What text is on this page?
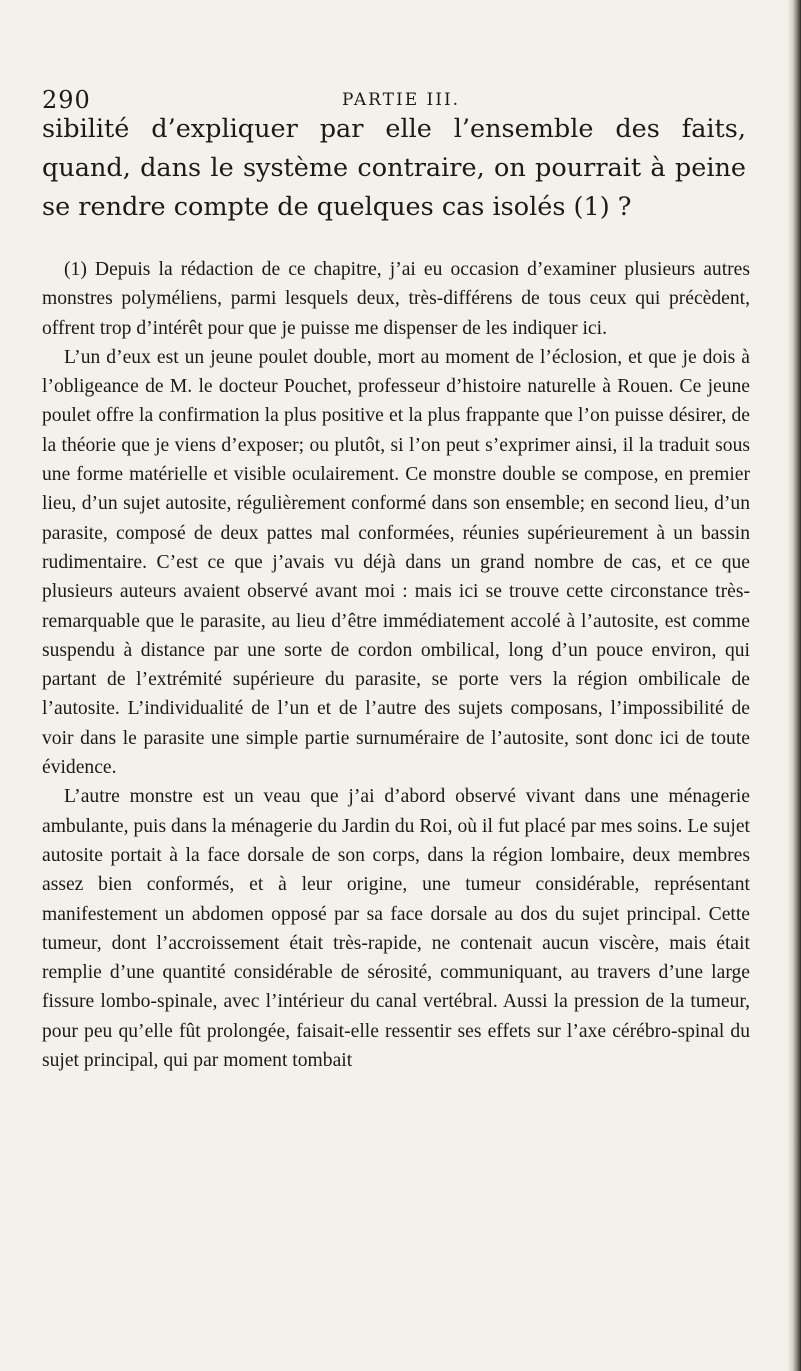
290	PARTIE III.

sibilité d’expliquer par elle l’ensemble des faits, quand, dans le système contraire, on pourrait à peine se rendre compte de quelques cas isolés (1) ?

(1) Depuis la rédaction de ce chapitre, j’ai eu occasion d’examiner plusieurs autres monstres polyméliens, parmi lesquels deux, très-différens de tous ceux qui précèdent, offrent trop d’intérêt pour que je puisse me dispenser de les indiquer ici.

L’un d’eux est un jeune poulet double, mort au moment de l’éclosion, et que je dois à l’obligeance de M. le docteur Pouchet, professeur d’histoire naturelle à Rouen. Ce jeune poulet offre la confirmation la plus positive et la plus frappante que l’on puisse désirer, de la théorie que je viens d’exposer; ou plutôt, si l’on peut s’exprimer ainsi, il la traduit sous une forme matérielle et visible oculairement. Ce monstre double se compose, en premier lieu, d’un sujet autosite, régulièrement conformé dans son ensemble; en second lieu, d’un parasite, composé de deux pattes mal conformées, réunies supérieurement à un bassin rudimentaire. C’est ce que j’avais vu déjà dans un grand nombre de cas, et ce que plusieurs auteurs avaient observé avant moi : mais ici se trouve cette circonstance très-remarquable que le parasite, au lieu d’être immédiatement accolé à l’autosite, est comme suspendu à distance par une sorte de cordon ombilical, long d’un pouce environ, qui partant de l’extrémité supérieure du parasite, se porte vers la région ombilicale de l’autosite. L’individualité de l’un et de l’autre des sujets composans, l’impossibilité de voir dans le parasite une simple partie surnuméraire de l’autosite, sont donc ici de toute évidence.

L’autre monstre est un veau que j’ai d’abord observé vivant dans une ménagerie ambulante, puis dans la ménagerie du Jardin du Roi, où il fut placé par mes soins. Le sujet autosite portait à la face dorsale de son corps, dans la région lombaire, deux membres assez bien conformés, et à leur origine, une tumeur considérable, représentant manifestement un abdomen opposé par sa face dorsale au dos du sujet principal. Cette tumeur, dont l’accroissement était très-rapide, ne contenait aucun viscère, mais était remplie d’une quantité considérable de sérosité, communiquant, au travers d’une large fissure lombo-spinale, avec l’intérieur du canal vertébral. Aussi la pression de la tumeur, pour peu qu’elle fût prolongée, faisait-elle ressentir ses effets sur l’axe cérébro-spinal du sujet principal, qui par moment tombait
